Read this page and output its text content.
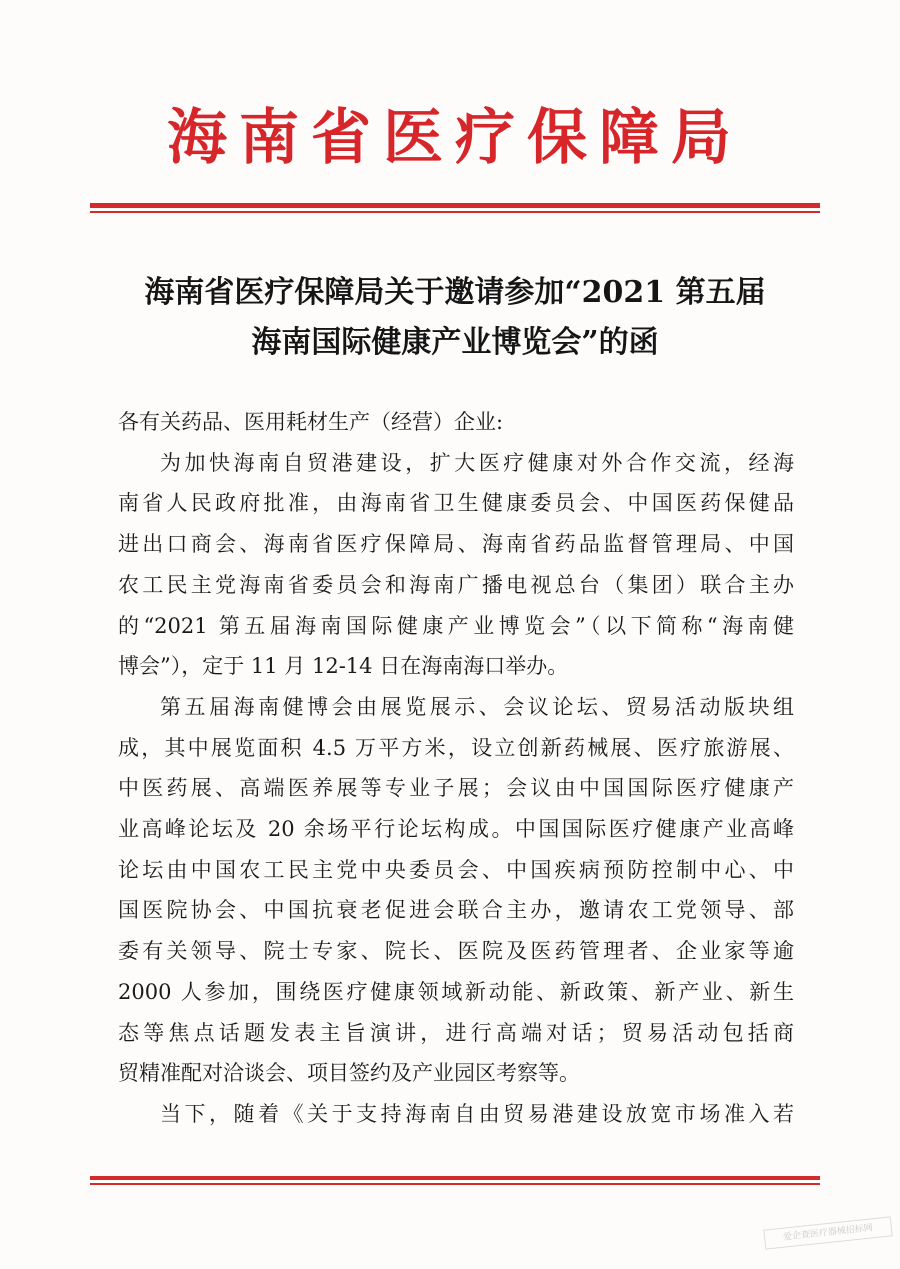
海南省医疗保障局
海南省医疗保障局关于邀请参加“2021 第五届
海南国际健康产业博览会”的函
各有关药品、医用耗材生产（经营）企业:
为加快海南自贸港建设，扩大医疗健康对外合作交流，经海
南省人民政府批准，由海南省卫生健康委员会、中国医药保健品
进出口商会、海南省医疗保障局、海南省药品监督管理局、中国
农工民主党海南省委员会和海南广播电视总台（集团）联合主办
的“2021 第五届海南国际健康产业博览会”（以下简称“海南健
博会”），定于 11 月 12-14 日在海南海口举办。
第五届海南健博会由展览展示、会议论坛、贸易活动版块组
成，其中展览面积 4.5 万平方米，设立创新药械展、医疗旅游展、
中医药展、高端医养展等专业子展；会议由中国国际医疗健康产
业高峰论坛及 20 余场平行论坛构成。中国国际医疗健康产业高峰
论坛由中国农工民主党中央委员会、中国疾病预防控制中心、中
国医院协会、中国抗衰老促进会联合主办，邀请农工党领导、部
委有关领导、院士专家、院长、医院及医药管理者、企业家等逾
2000 人参加，围绕医疗健康领域新动能、新政策、新产业、新生
态等焦点话题发表主旨演讲，进行高端对话；贸易活动包括商
贸精准配对洽谈会、项目签约及产业园区考察等。
当下，随着《关于支持海南自由贸易港建设放宽市场准入若
爱企查医疗器械招标网
